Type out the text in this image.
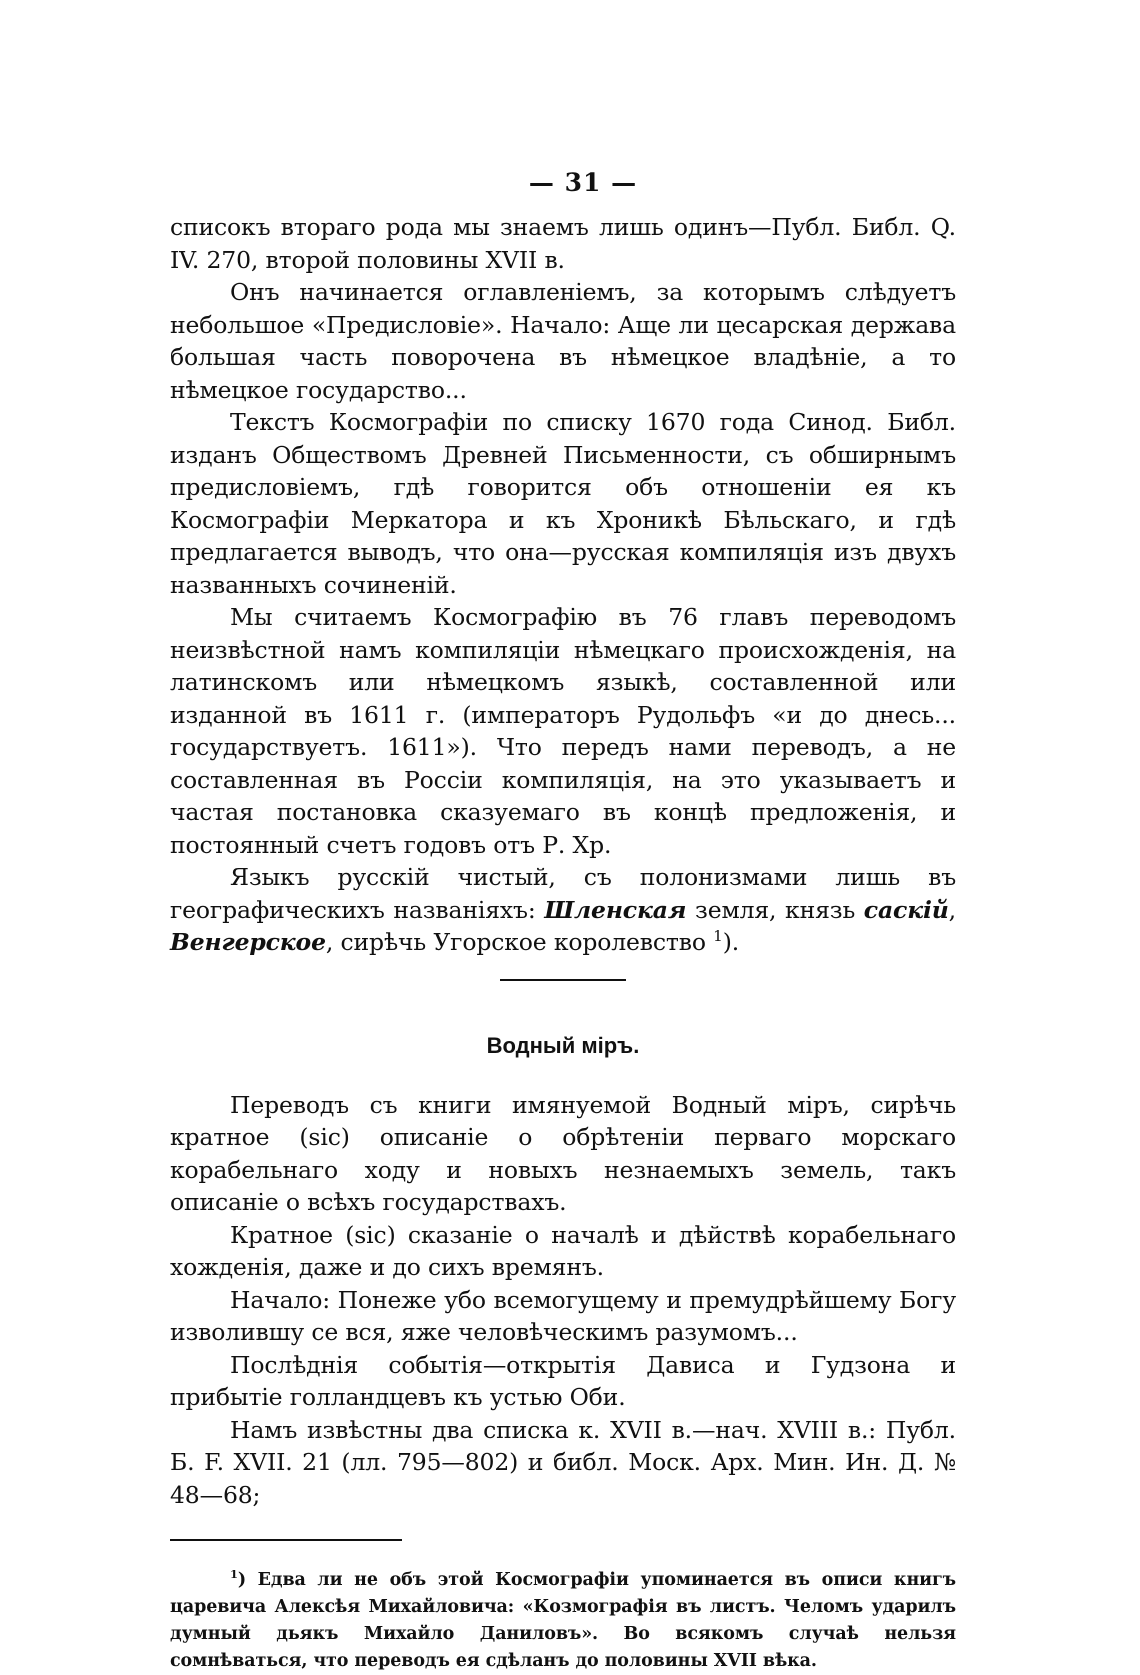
— 31 —

списокъ втораго рода мы знаемъ лишь одинъ—Публ. Библ. Q. IV. 270, второй половины XVII в.

Онъ начинается оглавленіемъ, за которымъ слѣдуетъ небольшое «Предисловіе». Начало: Аще ли цесарская держава большая часть поворочена въ нѣмецкое владѣніе, а то нѣмецкое государство...

Текстъ Космографіи по списку 1670 года Синод. Библ. изданъ Обществомъ Древней Письменности, съ обширнымъ предисловіемъ, гдѣ говорится объ отношеніи ея къ Космографіи Меркатора и къ Хроникѣ Бѣльскаго, и гдѣ предлагается выводъ, что она—русская компиляція изъ двухъ названныхъ сочиненій.

Мы считаемъ Космографію въ 76 главъ переводомъ неизвѣстной намъ компиляціи нѣмецкаго происхожденія, на латинскомъ или нѣмецкомъ языкѣ, составленной или изданной въ 1611 г. (императоръ Рудольфъ «и до днесь... государствуетъ. 1611»). Что передъ нами переводъ, а не составленная въ Россіи компиляція, на это указываетъ и частая постановка сказуемаго въ концѣ предложенія, и постоянный счетъ годовъ отъ Р. Хр.

Языкъ русскій чистый, съ полонизмами лишь въ географическихъ названіяхъ: Шленская земля, князь саскій, Венгерское, сирѣчь Угорское королевство $^1$).

Водный міръ.

Переводъ съ книги имянуемой Водный міръ, сирѣчь кратное (sic) описаніе о обрѣтеніи перваго морскаго корабельнаго ходу и новыхъ незнаемыхъ земель, такъ описаніе о всѣхъ государствахъ.

Кратное (sic) сказаніе о началѣ и дѣйствѣ корабельнаго хожденія, даже и до сихъ времянъ.

Начало: Понеже убо всемогущему и премудрѣйшему Богу изволившу се вся, яже человѣческимъ разумомъ...

Послѣднія событія—открытія Дависа и Гудзона и прибытіе голландцевъ къ устью Оби.

Намъ извѣстны два списка к. XVII в.—нач. XVIII в.: Публ. Б. F. XVII. 21 (лл. 795—802) и библ. Моск. Арх. Мин. Ин. Д. № 48—68;

$^1$) Едва ли не объ этой Космографіи упоминается въ описи книгъ царевича Алексѣя Михайловича: «Козмографія въ листъ. Челомъ ударилъ думный дьякъ Михайло Даниловъ». Во всякомъ случаѣ нельзя сомнѣваться, что переводъ ея сдѣланъ до половины XVII вѣка.
